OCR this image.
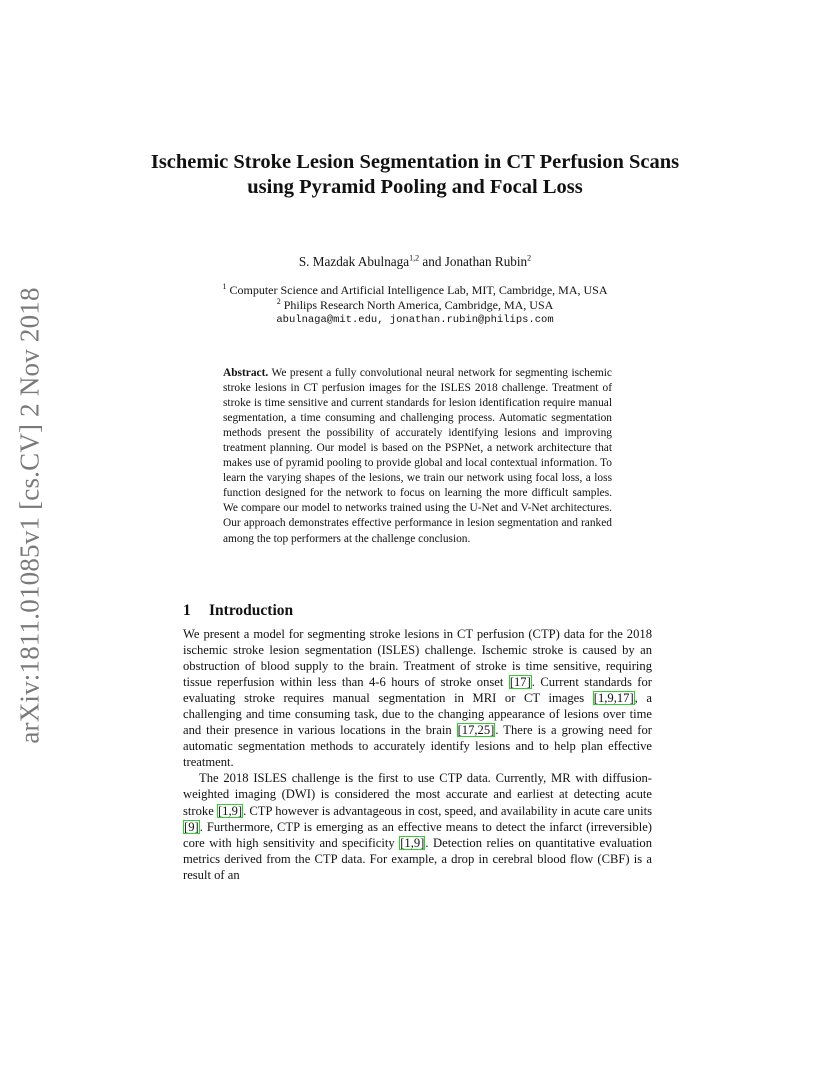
arXiv:1811.01085v1 [cs.CV] 2 Nov 2018
Ischemic Stroke Lesion Segmentation in CT Perfusion Scans using Pyramid Pooling and Focal Loss
S. Mazdak Abulnaga$^{1,2}$ and Jonathan Rubin$^2$
$^1$ Computer Science and Artificial Intelligence Lab, MIT, Cambridge, MA, USA
$^2$ Philips Research North America, Cambridge, MA, USA
abulnaga@mit.edu, jonathan.rubin@philips.com
Abstract. We present a fully convolutional neural network for segmenting ischemic stroke lesions in CT perfusion images for the ISLES 2018 challenge. Treatment of stroke is time sensitive and current standards for lesion identification require manual segmentation, a time consuming and challenging process. Automatic segmentation methods present the possibility of accurately identifying lesions and improving treatment planning. Our model is based on the PSPNet, a network architecture that makes use of pyramid pooling to provide global and local contextual information. To learn the varying shapes of the lesions, we train our network using focal loss, a loss function designed for the network to focus on learning the more difficult samples. We compare our model to networks trained using the U-Net and V-Net architectures. Our approach demonstrates effective performance in lesion segmentation and ranked among the top performers at the challenge conclusion.
1 Introduction

We present a model for segmenting stroke lesions in CT perfusion (CTP) data for the 2018 ischemic stroke lesion segmentation (ISLES) challenge. Ischemic stroke is caused by an obstruction of blood supply to the brain. Treatment of stroke is time sensitive, requiring tissue reperfusion within less than 4-6 hours of stroke onset [17]. Current standards for evaluating stroke requires manual segmentation in MRI or CT images [1,9,17], a challenging and time consuming task, due to the changing appearance of lesions over time and their presence in various locations in the brain [17,25]. There is a growing need for automatic segmentation methods to accurately identify lesions and to help plan effective treatment.

The 2018 ISLES challenge is the first to use CTP data. Currently, MR with diffusion-weighted imaging (DWI) is considered the most accurate and earliest at detecting acute stroke [1,9]. CTP however is advantageous in cost, speed, and availability in acute care units [9]. Furthermore, CTP is emerging as an effective means to detect the infarct (irreversible) core with high sensitivity and specificity [1,9]. Detection relies on quantitative evaluation metrics derived from the CTP data. For example, a drop in cerebral blood flow (CBF) is a result of an
